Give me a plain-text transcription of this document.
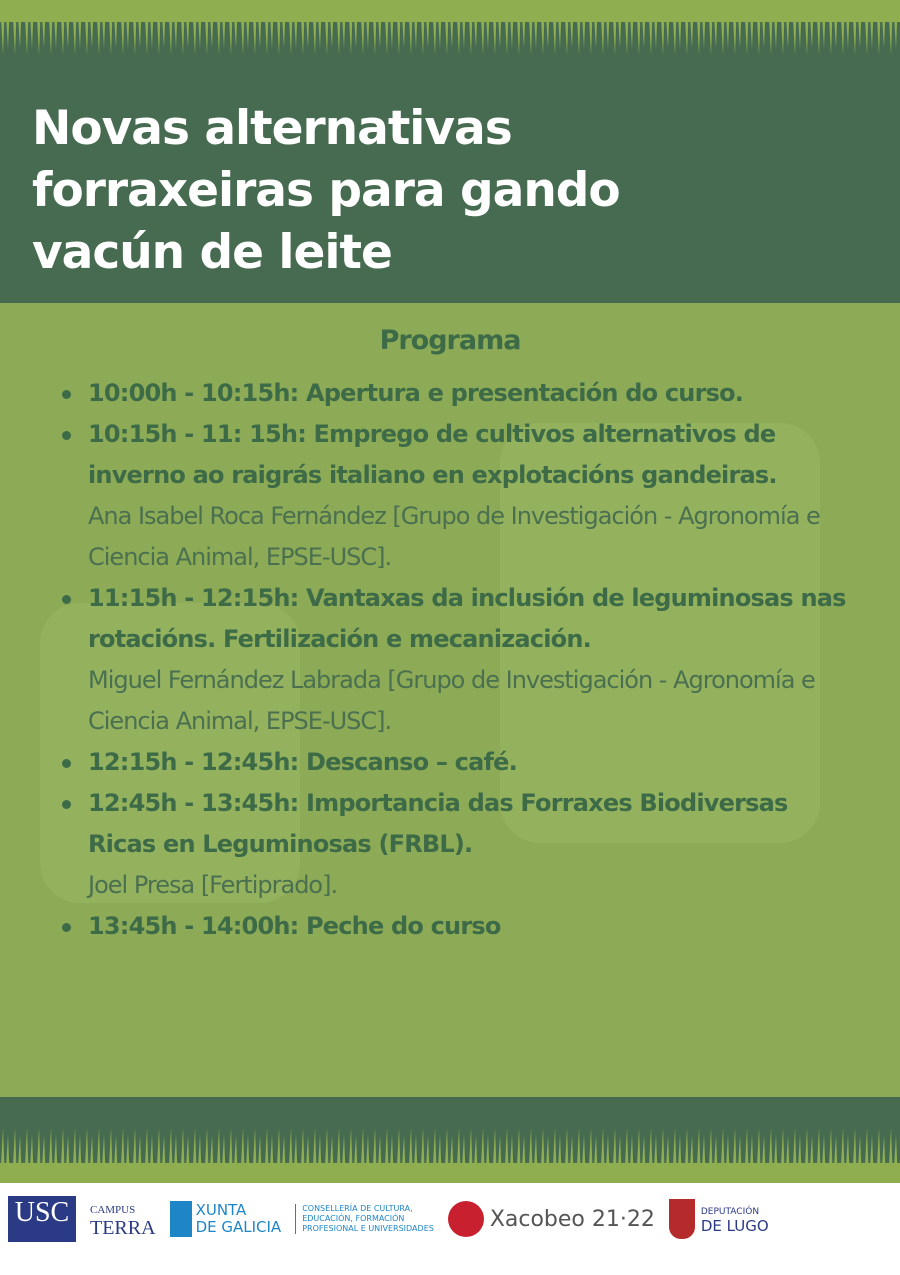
Novas alternativas
forraxeiras para gando
vacún de leite
Programa
10:00h - 10:15h: Apertura e presentación do curso.
10:15h - 11: 15h: Emprego de cultivos alternativos de inverno ao raigrás italiano en explotacións gandeiras.
Ana Isabel Roca Fernández [Grupo de Investigación - Agronomía e Ciencia Animal, EPSE-USC].
11:15h - 12:15h: Vantaxas da inclusión de leguminosas nas rotacións. Fertilización e mecanización.
Miguel Fernández Labrada [Grupo de Investigación - Agronomía e Ciencia Animal, EPSE-USC].
12:15h - 12:45h: Descanso – café.
12:45h - 13:45h: Importancia das Forraxes Biodiversas Ricas en Leguminosas (FRBL).
Joel Presa [Fertiprado].
13:45h - 14:00h: Peche do curso
USC	CAMPUS
TERRA
XUNTA
DE GALICIA
CONSELLERÍA DE CULTURA,
EDUCACIÓN, FORMACIÓN
PROFESIONAL E UNIVERSIDADES	Xacobeo 21·22	DEPUTACIÓN
DE LUGO
